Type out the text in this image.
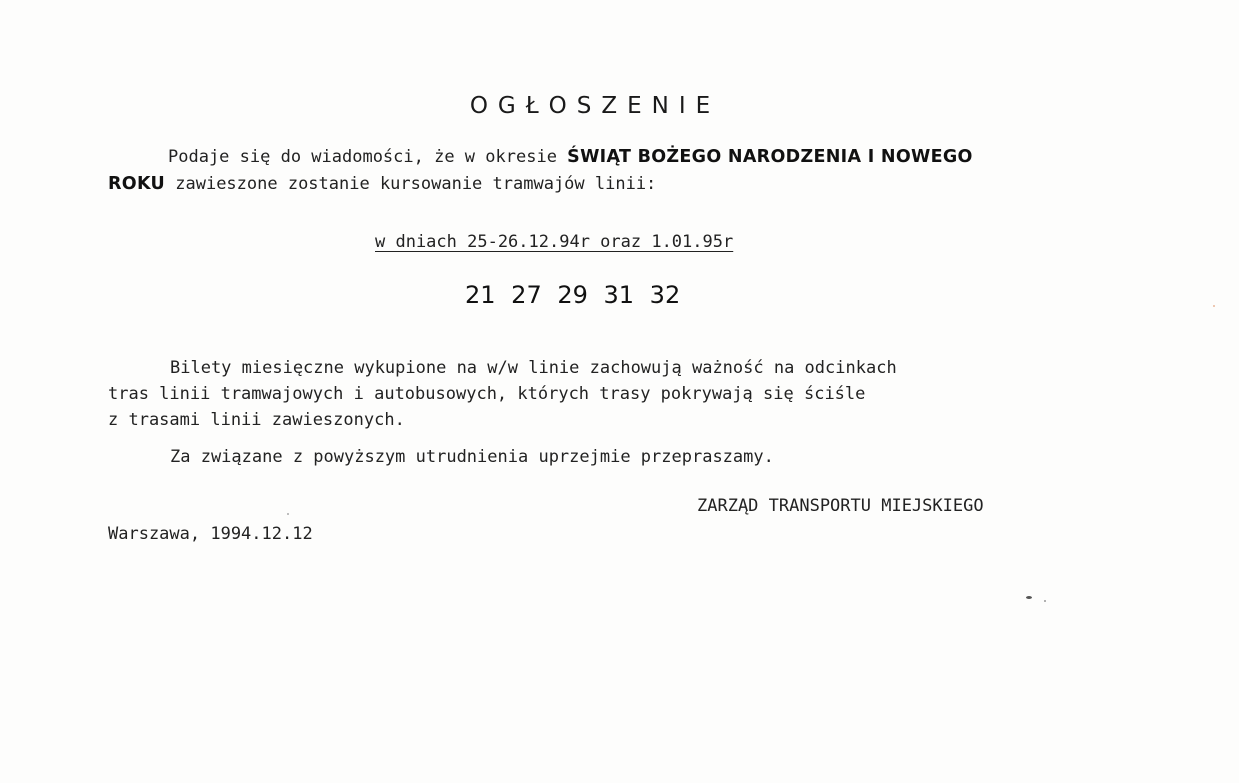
OGŁOSZENIE
Podaje się do wiadomości, że w okresie ŚWIĄT BOŻEGO NARODZENIA I NOWEGO
ROKU zawieszone zostanie kursowanie tramwajów linii:
w dniach 25-26.12.94r oraz 1.01.95r
21 27 29 31 32
Bilety miesięczne wykupione na w/w linie zachowują ważność na odcinkach
tras linii tramwajowych i autobusowych, których trasy pokrywają się ściśle
z trasami linii zawieszonych.
Za związane z powyższym utrudnienia uprzejmie przepraszamy.
ZARZĄD TRANSPORTU MIEJSKIEGO
Warszawa, 1994.12.12
